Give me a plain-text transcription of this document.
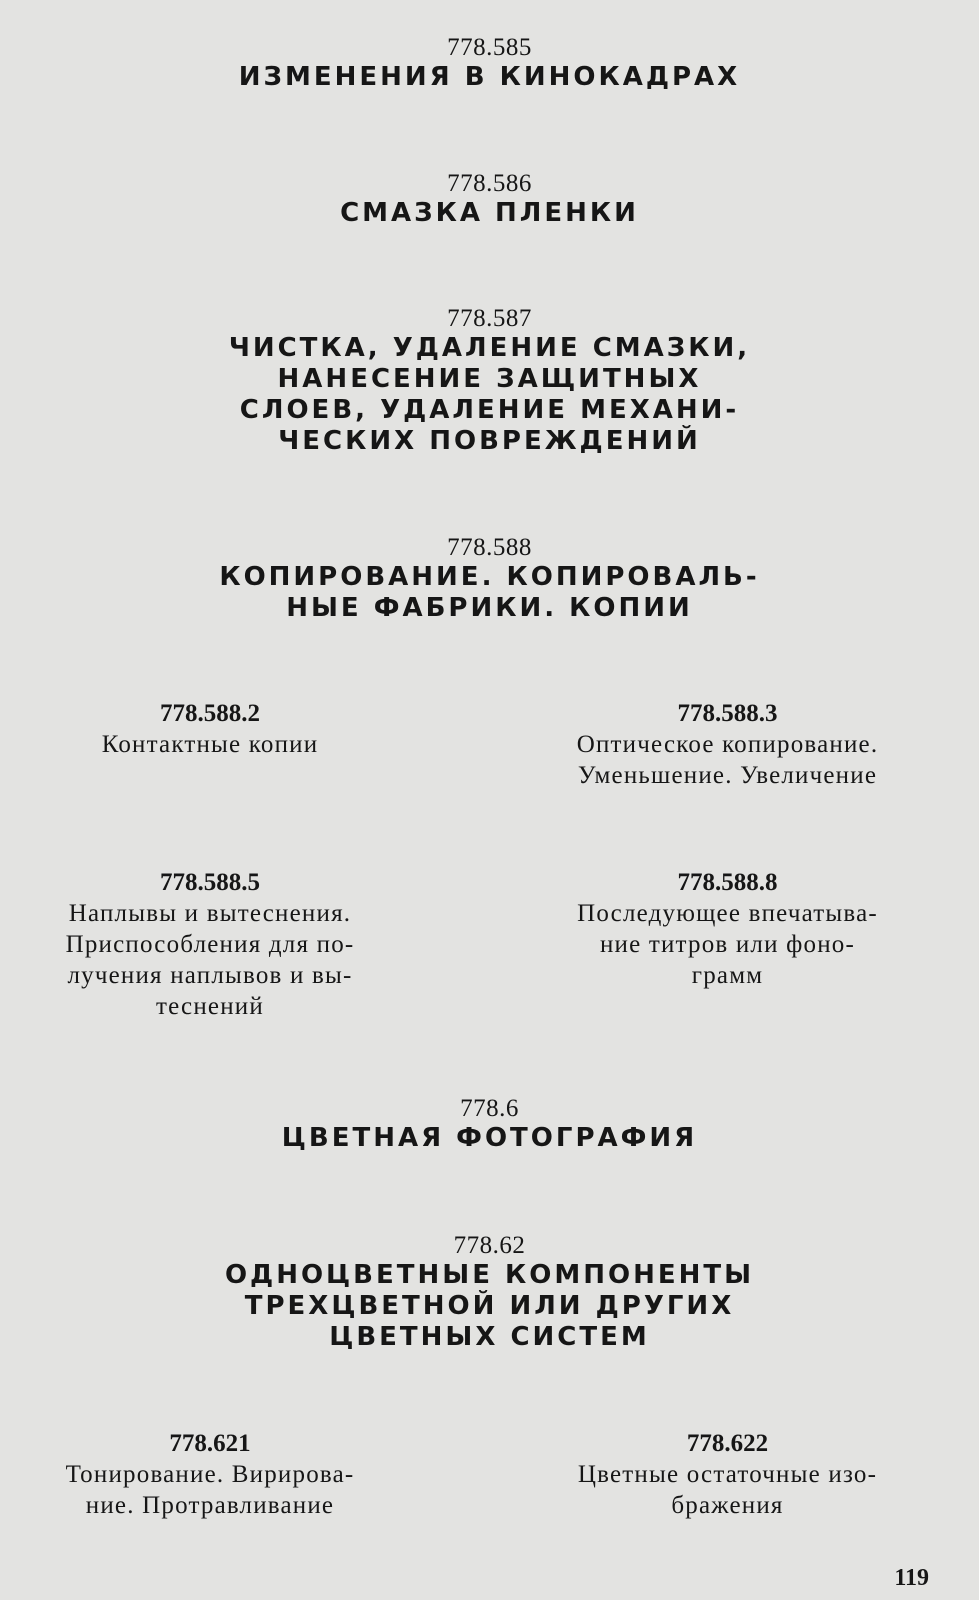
778.585
ИЗМЕНЕНИЯ В КИНОКАДРАХ
778.586
СМАЗКА ПЛЕНКИ
778.587
ЧИСТКА, УДАЛЕНИЕ СМАЗКИ,
НАНЕСЕНИЕ ЗАЩИТНЫХ
СЛОЕВ, УДАЛЕНИЕ МЕХАНИ-
ЧЕСКИХ ПОВРЕЖДЕНИЙ
778.588
КОПИРОВАНИЕ. КОПИРОВАЛЬ-
НЫЕ ФАБРИКИ. КОПИИ
778.588.2
Контактные копии
778.588.3
Оптическое копирование.
Уменьшение. Увеличение
778.588.5
Наплывы и вытеснения.
Приспособления для по-
лучения наплывов и вы-
теснений
778.588.8
Последующее впечатыва-
ние титров или фоно-
грамм
778.6
ЦВЕТНАЯ ФОТОГРАФИЯ
778.62
ОДНОЦВЕТНЫЕ КОМПОНЕНТЫ
ТРЕХЦВЕТНОЙ ИЛИ ДРУГИХ
ЦВЕТНЫХ СИСТЕМ
778.621
Тонирование. Вирирова-
ние. Протравливание
778.622
Цветные остаточные изо-
бражения
119
